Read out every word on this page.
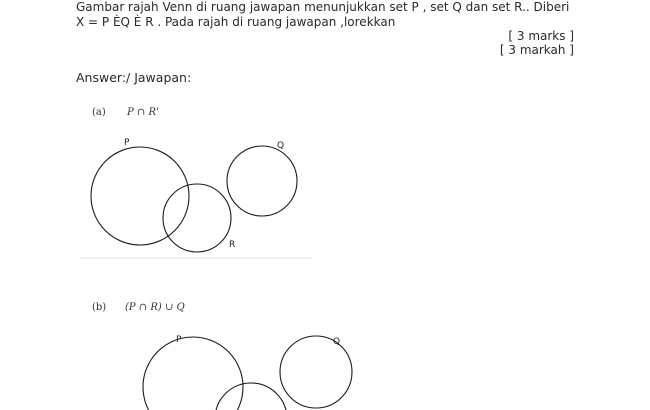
Gambar rajah Venn di ruang jawapan menunjukkan set P , set Q dan set R.. Diberi
X = P ÈQ È R . Pada rajah di ruang jawapan ,lorekkan
[ 3 marks ]
[ 3 markah ]
Answer:/ Jawapan:
(a) P ∩ R'
P	Q
R
(b) (P ∩ R) ∪ Q
P	Q
